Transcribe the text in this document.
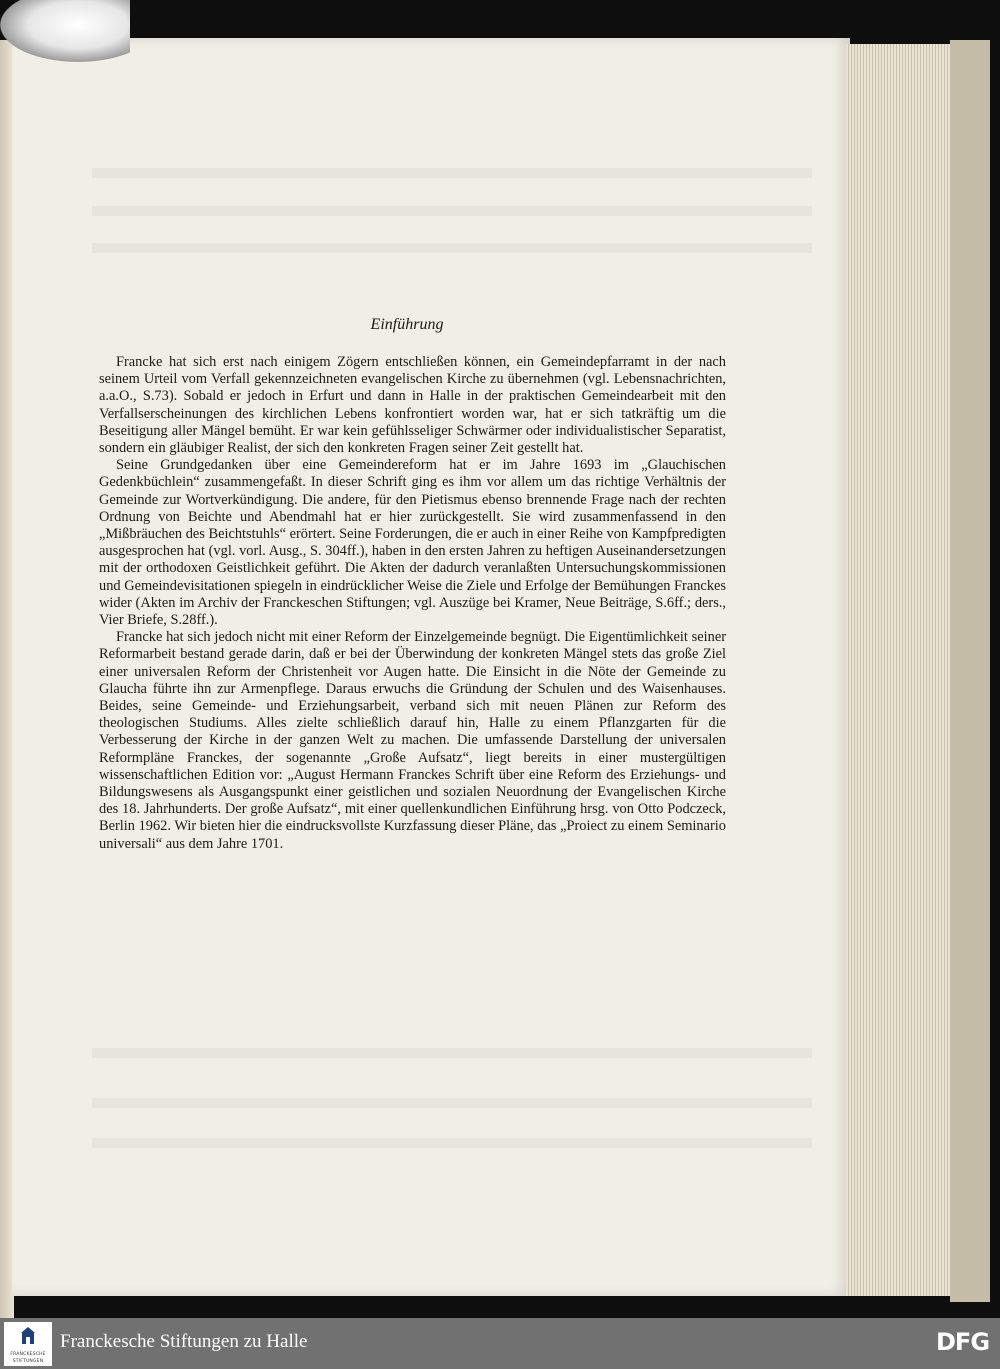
Einführung

Francke hat sich erst nach einigem Zögern entschließen können, ein Gemeindepfarramt in der nach seinem Urteil vom Verfall gekennzeichneten evangelischen Kirche zu übernehmen (vgl. Lebensnachrichten, a.a.O., S.73). Sobald er jedoch in Erfurt und dann in Halle in der praktischen Gemeindearbeit mit den Verfallserscheinungen des kirchlichen Lebens konfrontiert worden war, hat er sich tatkräftig um die Beseitigung aller Mängel bemüht. Er war kein gefühlsseliger Schwärmer oder individualistischer Separatist, sondern ein gläubiger Realist, der sich den konkreten Fragen seiner Zeit gestellt hat.

Seine Grundgedanken über eine Gemeindereform hat er im Jahre 1693 im „Glauchischen Gedenkbüchlein“ zusammengefaßt. In dieser Schrift ging es ihm vor allem um das richtige Verhältnis der Gemeinde zur Wortverkündigung. Die andere, für den Pietismus ebenso brennende Frage nach der rechten Ordnung von Beichte und Abendmahl hat er hier zurückgestellt. Sie wird zusammenfassend in den „Mißbräuchen des Beichtstuhls“ erörtert. Seine Forderungen, die er auch in einer Reihe von Kampfpredigten ausgesprochen hat (vgl. vorl. Ausg., S. 304ff.), haben in den ersten Jahren zu heftigen Auseinandersetzungen mit der orthodoxen Geistlichkeit geführt. Die Akten der dadurch veranlaßten Untersuchungskommissionen und Gemeindevisitationen spiegeln in eindrücklicher Weise die Ziele und Erfolge der Bemühungen Franckes wider (Akten im Archiv der Franckeschen Stiftungen; vgl. Auszüge bei Kramer, Neue Beiträge, S.6ff.; ders., Vier Briefe, S.28ff.).

Francke hat sich jedoch nicht mit einer Reform der Einzelgemeinde begnügt. Die Eigentümlichkeit seiner Reformarbeit bestand gerade darin, daß er bei der Überwindung der konkreten Mängel stets das große Ziel einer universalen Reform der Christenheit vor Augen hatte. Die Einsicht in die Nöte der Gemeinde zu Glaucha führte ihn zur Armenpflege. Daraus erwuchs die Gründung der Schulen und des Waisenhauses. Beides, seine Gemeinde- und Erziehungsarbeit, verband sich mit neuen Plänen zur Reform des theologischen Studiums. Alles zielte schließlich darauf hin, Halle zu einem Pflanzgarten für die Verbesserung der Kirche in der ganzen Welt zu machen. Die umfassende Darstellung der universalen Reformpläne Franckes, der sogenannte „Große Aufsatz“, liegt bereits in einer mustergültigen wissenschaftlichen Edition vor: „August Hermann Franckes Schrift über eine Reform des Erziehungs- und Bildungswesens als Ausgangspunkt einer geistlichen und sozialen Neuordnung der Evangelischen Kirche des 18. Jahrhunderts. Der große Aufsatz“, mit einer quellenkundlichen Einführung hrsg. von Otto Podczeck, Berlin 1962. Wir bieten hier die eindrucksvollste Kurzfassung dieser Pläne, das „Proiect zu einem Seminario universali“ aus dem Jahre 1701.

FRANCKESCHE
STIFTUNGEN
Franckesche Stiftungen zu Halle	DFG
